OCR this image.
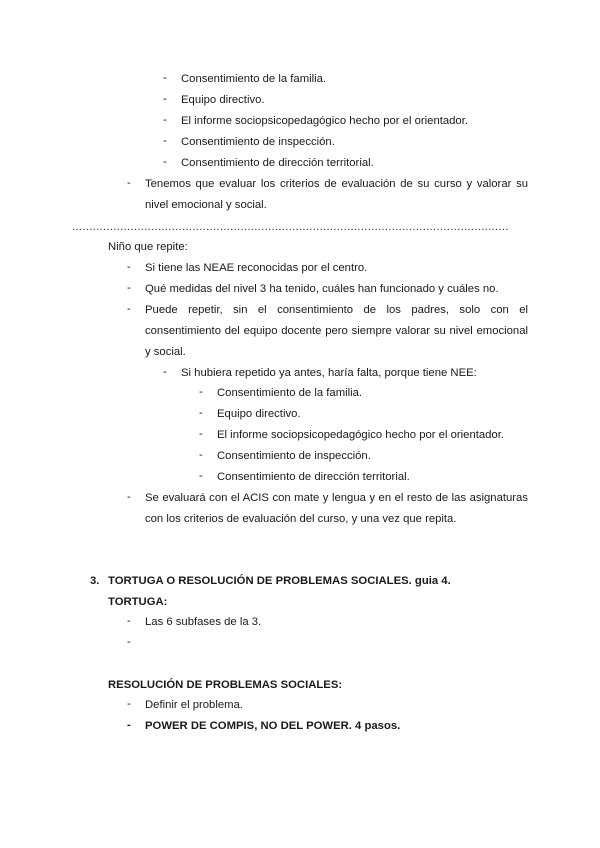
- Consentimiento de la familia.
- Equipo directivo.
- El informe sociopsicopedagógico hecho por el orientador.
- Consentimiento de inspección.
- Consentimiento de dirección territorial.
- Tenemos que evaluar los criterios de evaluación de su curso y valorar su nivel emocional y social.
...............................................................................................................................
Niño que repite:
- Si tiene las NEAE reconocidas por el centro.
- Qué medidas del nivel 3 ha tenido, cuáles han funcionado y cuáles no.
- Puede repetir, sin el consentimiento de los padres, solo con el consentimiento del equipo docente pero siempre valorar su nivel emocional y social.
- Si hubiera repetido ya antes, haría falta, porque tiene NEE:
- Consentimiento de la familia.
- Equipo directivo.
- El informe sociopsicopedagógico hecho por el orientador.
- Consentimiento de inspección.
- Consentimiento de dirección territorial.
- Se evaluará con el ACIS con mate y lengua y en el resto de las asignaturas con los criterios de evaluación del curso, y una vez que repita.
3. TORTUGA O RESOLUCIÓN DE PROBLEMAS SOCIALES. guia 4.
TORTUGA:
- Las 6 subfases de la 3.
-
RESOLUCIÓN DE PROBLEMAS SOCIALES:
- Definir el problema.
- POWER DE COMPIS, NO DEL POWER. 4 pasos.
